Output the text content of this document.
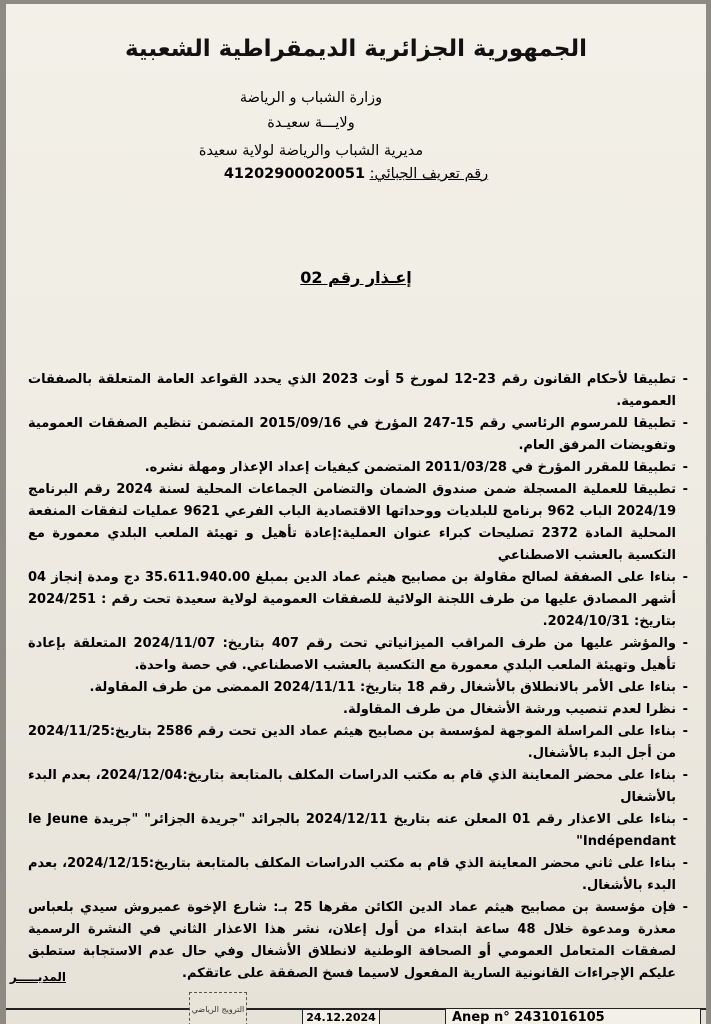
الجمهورية الجزائرية الديمقراطية الشعبية
وزارة الشباب و الرياضة
ولايـــة سعيـدة
مديرية الشباب والرياضة لولاية سعيدة
رقم تعريف الجبائي: 41202900020051
إعـذار رقم 02
- تطبيقا لأحكام القانون رقم 23-12 لمورخ 5 أوت 2023 الذي يحدد القواعد العامة المتعلقة بالصفقات العمومية.
- تطبيقا للمرسوم الرئاسي رقم 15-247 المؤرخ في 2015/09/16 المتضمن تنظيم الصفقات العمومية وتفويضات المرفق العام.
- تطبيقا للمقرر المؤرخ في 2011/03/28 المتضمن كيفيات إعداد الإعذار ومهلة نشره.
- تطبيقا للعملية المسجلة ضمن صندوق الضمان والتضامن الجماعات المحلية لسنة 2024 رقم البرنامج 2024/19 الباب 962 برنامج للبلديات ووحداتها الاقتصادية الباب الفرعي 9621 عمليات لنفقات المنفعة المحلية المادة 2372 تصليحات كبراء عنوان العملية:إعادة تأهيل و تهيئة الملعب البلدي معمورة مع التكسية بالعشب الاصطناعي
- بناءا على الصفقة لصالح مقاولة بن مصابيح هيثم عماد الدين بمبلغ 35.611.940.00 دج ومدة إنجاز 04 أشهر المصادق عليها من طرف اللجنة الولائية للصفقات العمومية لولاية سعيدة تحت رقم : 2024/251 بتاريخ: 2024/10/31.
- والمؤشر عليها من طرف المراقب الميزانياتي تحت رقم 407 بتاريخ: 2024/11/07 المتعلقة بإعادة تأهيل وتهيئة الملعب البلدي معمورة مع التكسية بالعشب الاصطناعي. في حصة واحدة.
- بناءا على الأمر بالانطلاق بالأشغال رقم 18 بتاريخ: 2024/11/11 الممضى من طرف المقاولة.
- نظرا لعدم تنصيب ورشة الأشغال من طرف المقاولة.
- بناءا على المراسلة الموجهة لمؤسسة بن مصابيح هيثم عماد الدين تحت رقم 2586 بتاريخ:2024/11/25 من أجل البدء بالأشغال.
- بناءا على محضر المعاينة الذي قام به مكتب الدراسات المكلف بالمتابعة بتاريخ:2024/12/04، بعدم البدء بالأشغال
- بناءا على الاعذار رقم 01 المعلن عنه بتاريخ 2024/12/11 بالجرائد "جريدة الجزائر" "جريدة le Jeune Indépendant"
- بناءا على ثاني محضر المعاينة الذي قام به مكتب الدراسات المكلف بالمتابعة بتاريخ:2024/12/15، بعدم البدء بالأشغال.
- فإن مؤسسة بن مصابيح هيثم عماد الدين الكائن مقرها 25 بـ: شارع الإخوة عميروش سيدي بلعباس معذرة ومدعوة خلال 48 ساعة ابتداء من أول إعلان، نشر هذا الاعذار الثاني في النشرة الرسمية لصفقات المتعامل العمومي أو الصحافة الوطنية لانطلاق الأشغال وفي حال عدم الاستجابة ستطبق عليكم الإجراءات القانونية السارية المفعول لاسيما فسخ الصفقة على عاتقكم.
المديـــــر
الترويج الرياضي
24.12.2024	Anep n° 2431016105
